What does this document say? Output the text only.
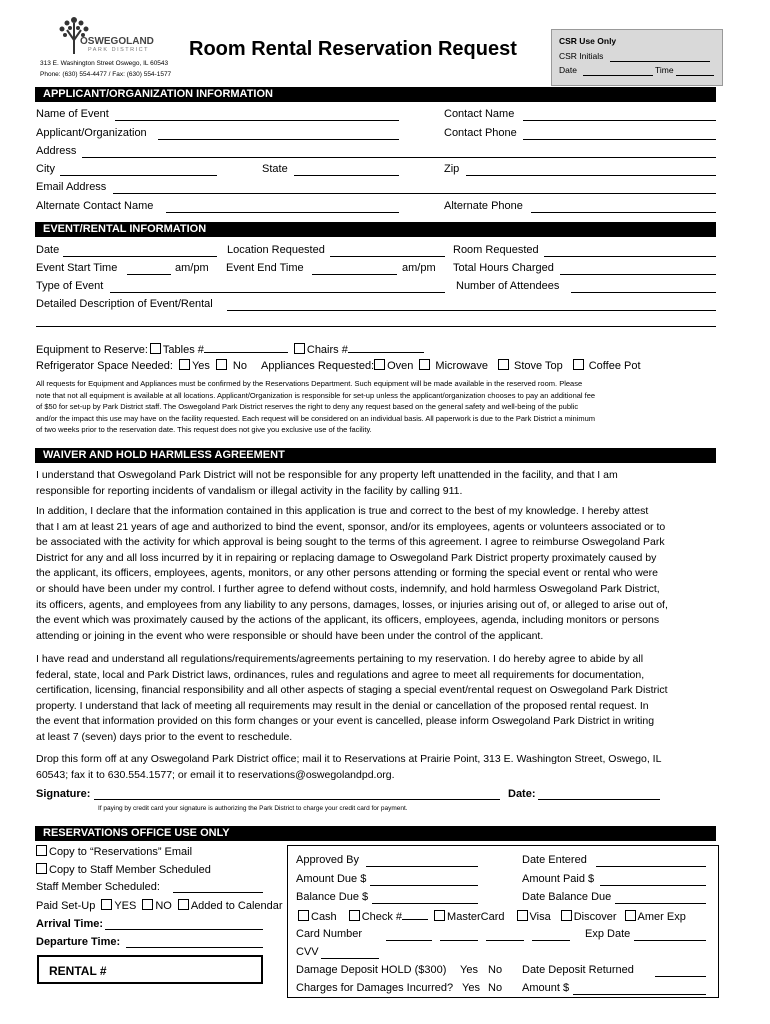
OSWEGOLAND
PARK DISTRICT
313 E. Washington Street Oswego, IL 60543
Phone: (630) 554-4477 / Fax: (630) 554-1577
Room Rental Reservation Request	CSR Use Only
CSR Initials
Date	Time
APPLICANT/ORGANIZATION INFORMATION
Name of Event	Contact Name
Applicant/Organization	Contact Phone
Address
City	State	Zip
Email Address
Alternate Contact Name	Alternate Phone
EVENT/RENTAL INFORMATION
Date	Location Requested	Room Requested
Event Start Time	am/pm Event End Time	am/pm Total Hours Charged
Type of Event	Number of Attendees
Detailed Description of Event/Rental
Equipment to Reserve: Tables #	Chairs #
Refrigerator Space Needed: Yes No Appliances Requested: Oven Microwave Stove Top Coffee Pot
All requests for Equipment and Appliances must be confirmed by the Reservations Department. Such equipment will be made available in the reserved room. Please
note that not all equipment is available at all locations. Applicant/Organization is responsible for set-up unless the applicant/organization chooses to pay an additional fee
of $50 for set-up by Park District staff. The Oswegoland Park District reserves the right to deny any request based on the general safety and well-being of the public
and/or the impact this use may have on the facility requested. Each request will be considered on an individual basis. All paperwork is due to the Park District a minimum
of two weeks prior to the reservation date. This request does not give you exclusive use of the facility.
WAIVER AND HOLD HARMLESS AGREEMENT
I understand that Oswegoland Park District will not be responsible for any property left unattended in the facility, and that I am
responsible for reporting incidents of vandalism or illegal activity in the facility by calling 911.
In addition, I declare that the information contained in this application is true and correct to the best of my knowledge. I hereby attest
that I am at least 21 years of age and authorized to bind the event, sponsor, and/or its employees, agents or volunteers associated or to
be associated with the activity for which approval is being sought to the terms of this agreement. I agree to reimburse Oswegoland Park
District for any and all loss incurred by it in repairing or replacing damage to Oswegoland Park District property proximately caused by
the applicant, its officers, employees, agents, monitors, or any other persons attending or forming the special event or rental who were
or should have been under my control. I further agree to defend without costs, indemnify, and hold harmless Oswegoland Park District,
its officers, agents, and employees from any liability to any persons, damages, losses, or injuries arising out of, or alleged to arise out of,
the event which was proximately caused by the actions of the applicant, its officers, employees, agenda, including monitors or persons
attending or joining in the event who were responsible or should have been under the control of the applicant.
I have read and understand all regulations/requirements/agreements pertaining to my reservation. I do hereby agree to abide by all
federal, state, local and Park District laws, ordinances, rules and regulations and agree to meet all requirements for documentation,
certification, licensing, financial responsibility and all other aspects of staging a special event/rental request on Oswegoland Park District
property. I understand that lack of meeting all requirements may result in the denial or cancellation of the proposed rental request. In
the event that information provided on this form changes or your event is cancelled, please inform Oswegoland Park District in writing
at least 7 (seven) days prior to the event to reschedule.
Drop this form off at any Oswegoland Park District office; mail it to Reservations at Prairie Point, 313 E. Washington Street, Oswego, IL
60543; fax it to 630.554.1577; or email it to reservations@oswegolandpd.org.
Signature:	Date:
If paying by credit card your signature is authorizing the Park District to charge your credit card for payment.
RESERVATIONS OFFICE USE ONLY
Copy to “Reservations” Email
Copy to Staff Member Scheduled
Staff Member Scheduled:
Paid Set-Up YES NO Added to Calendar
Arrival Time:
Departure Time:
RENTAL #
Approved By	Date Entered
Amount Due $	Amount Paid $
Balance Due $	Date Balance Due
Cash Check #	MasterCard Visa Discover Amer Exp
Card Number	Exp Date
CVV
Damage Deposit HOLD ($300) Yes No Date Deposit Returned
Charges for Damages Incurred? Yes No Amount $
